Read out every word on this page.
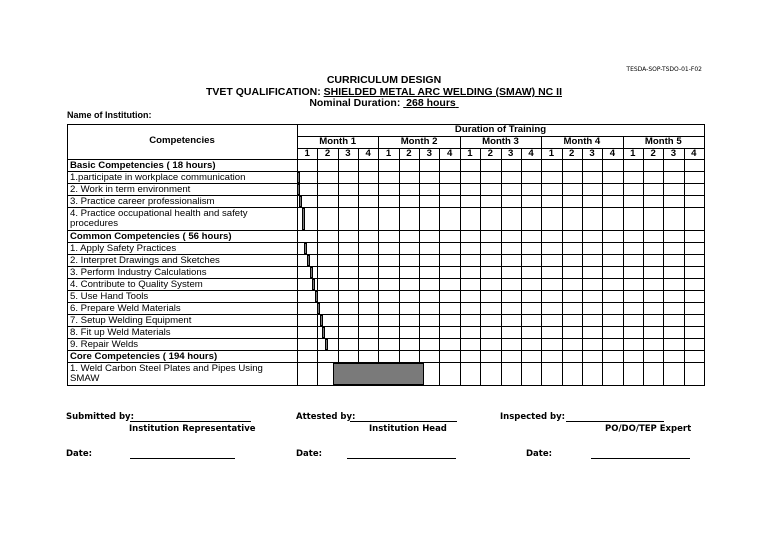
TESDA-SOP-TSDO-01-F02
CURRICULUM DESIGN
TVET QUALIFICATION: SHIELDED METAL ARC WELDING (SMAW) NC II
Nominal Duration:  268 hours
Name of Institution:
Competencies
Duration of Training
Month 1	Month 2	Month 3	Month 4	Month 5
1	2	3	4	1	2	3	4	1	2	3	4	1	2	3	4	1	2	3	4
Basic Competencies ( 18 hours)
1.participate in workplace communication
2. Work in term environment
3. Practice career professionalism
4. Practice occupational health and safety
procedures
Common Competencies ( 56 hours)
1. Apply Safety Practices
2. Interpret Drawings and Sketches
3. Perform Industry Calculations
4. Contribute to Quality System
5. Use Hand Tools
6. Prepare Weld Materials
7. Setup Welding Equipment
8. Fit up Weld Materials
9. Repair Welds
Core Competencies ( 194 hours)
1. Weld Carbon Steel Plates and Pipes Using
SMAW
Submitted by:
Institution Representative
Attested by:
Institution Head
Inspected by:
PO/DO/TEP Expert
Date:	Date:	Date:
